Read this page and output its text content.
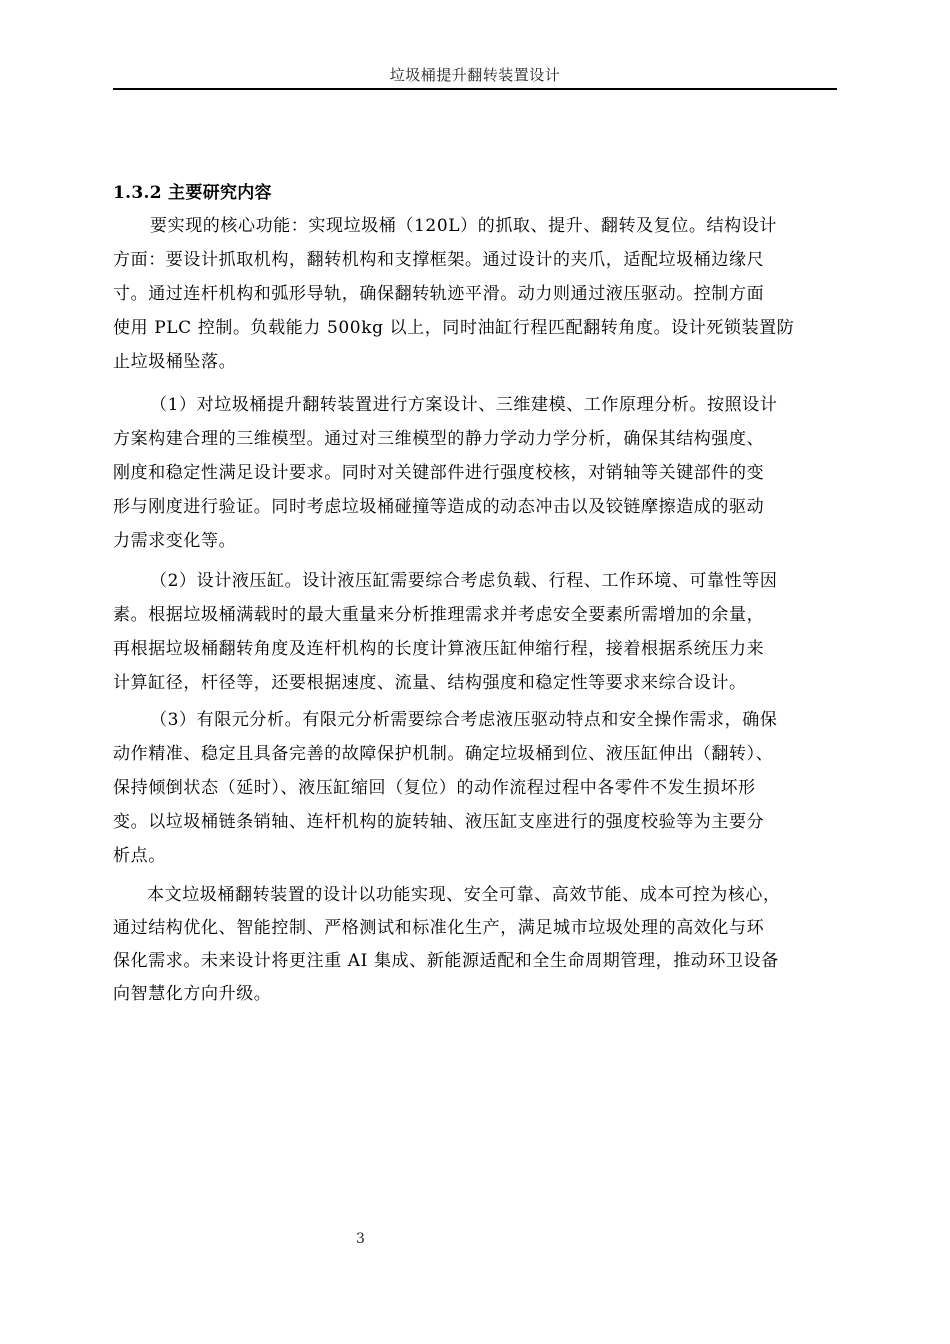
垃圾桶提升翻转装置设计
1.3.2 主要研究内容
要实现的核心功能：实现垃圾桶（120L）的抓取、提升、翻转及复位。结构设计
方面：要设计抓取机构，翻转机构和支撑框架。通过设计的夹爪，适配垃圾桶边缘尺
寸。通过连杆机构和弧形导轨，确保翻转轨迹平滑。动力则通过液压驱动。控制方面
使用 PLC 控制。负载能力 500kg 以上，同时油缸行程匹配翻转角度。设计死锁装置防
止垃圾桶坠落。
（1）对垃圾桶提升翻转装置进行方案设计、三维建模、工作原理分析。按照设计
方案构建合理的三维模型。通过对三维模型的静力学动力学分析，确保其结构强度、
刚度和稳定性满足设计要求。同时对关键部件进行强度校核，对销轴等关键部件的变
形与刚度进行验证。同时考虑垃圾桶碰撞等造成的动态冲击以及铰链摩擦造成的驱动
力需求变化等。
（2）设计液压缸。设计液压缸需要综合考虑负载、行程、工作环境、可靠性等因
素。根据垃圾桶满载时的最大重量来分析推理需求并考虑安全要素所需增加的余量，
再根据垃圾桶翻转角度及连杆机构的长度计算液压缸伸缩行程，接着根据系统压力来
计算缸径，杆径等，还要根据速度、流量、结构强度和稳定性等要求来综合设计。
（3）有限元分析。有限元分析需要综合考虑液压驱动特点和安全操作需求，确保
动作精准、稳定且具备完善的故障保护机制。确定垃圾桶到位、液压缸伸出（翻转）、
保持倾倒状态（延时）、液压缸缩回（复位）的动作流程过程中各零件不发生损坏形
变。以垃圾桶链条销轴、连杆机构的旋转轴、液压缸支座进行的强度校验等为主要分
析点。
本文垃圾桶翻转装置的设计以功能实现、安全可靠、高效节能、成本可控为核心，
通过结构优化、智能控制、严格测试和标准化生产，满足城市垃圾处理的高效化与环
保化需求。未来设计将更注重 AI 集成、新能源适配和全生命周期管理，推动环卫设备
向智慧化方向升级。
3
